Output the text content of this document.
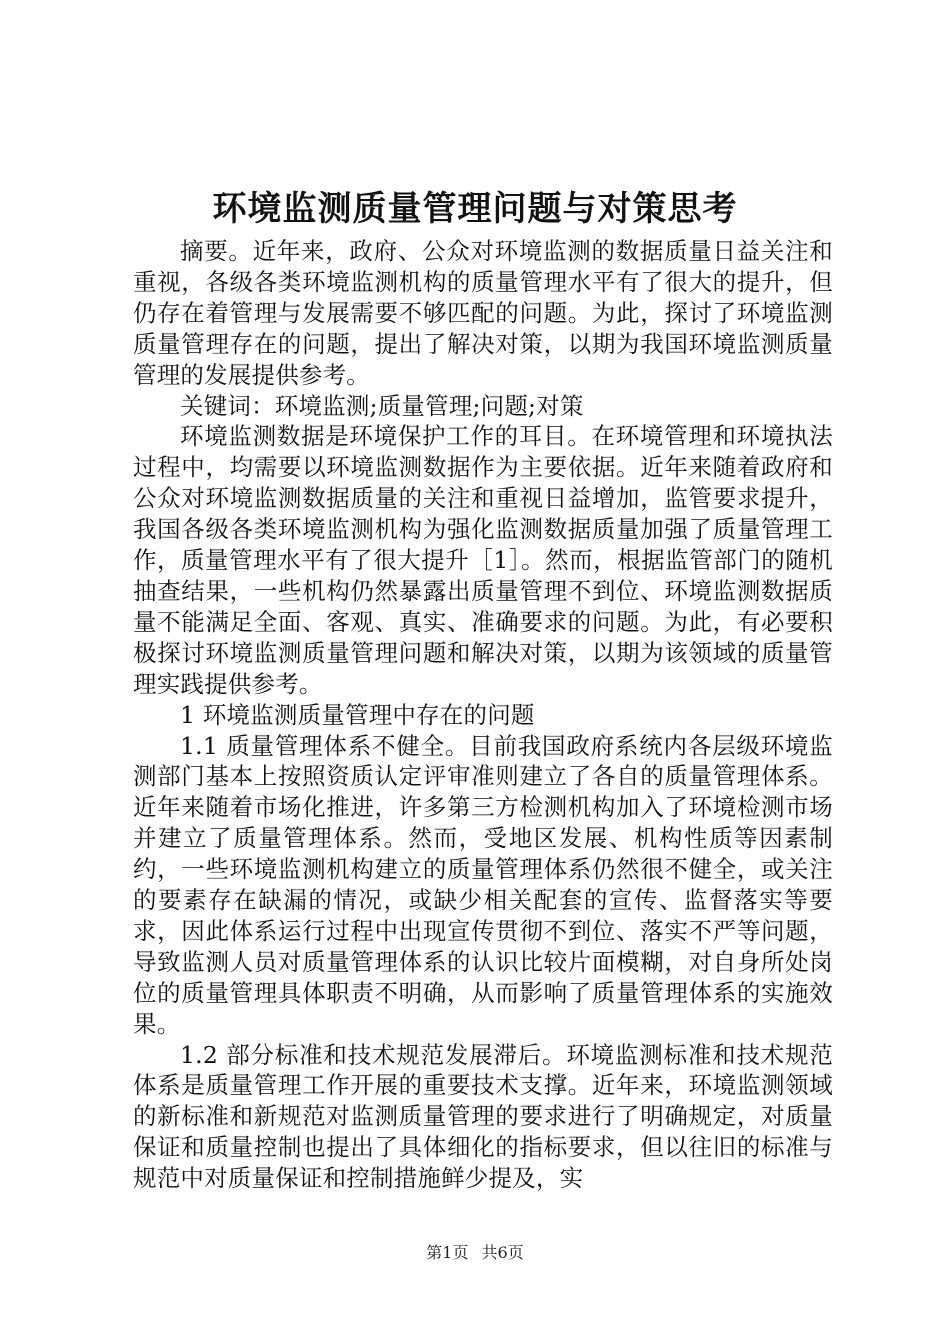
环境监测质量管理问题与对策思考

摘要。近年来，政府、公众对环境监测的数据质量日益关注和重视，各级各类环境监测机构的质量管理水平有了很大的提升，但仍存在着管理与发展需要不够匹配的问题。为此，探讨了环境监测质量管理存在的问题，提出了解决对策，以期为我国环境监测质量管理的发展提供参考。

关键词：环境监测;质量管理;问题;对策

环境监测数据是环境保护工作的耳目。在环境管理和环境执法过程中，均需要以环境监测数据作为主要依据。近年来随着政府和公众对环境监测数据质量的关注和重视日益增加，监管要求提升，我国各级各类环境监测机构为强化监测数据质量加强了质量管理工作，质量管理水平有了很大提升［1］。然而，根据监管部门的随机抽查结果，一些机构仍然暴露出质量管理不到位、环境监测数据质量不能满足全面、客观、真实、准确要求的问题。为此，有必要积极探讨环境监测质量管理问题和解决对策，以期为该领域的质量管理实践提供参考。

1 环境监测质量管理中存在的问题

1.1 质量管理体系不健全。目前我国政府系统内各层级环境监测部门基本上按照资质认定评审准则建立了各自的质量管理体系。近年来随着市场化推进，许多第三方检测机构加入了环境检测市场并建立了质量管理体系。然而，受地区发展、机构性质等因素制约，一些环境监测机构建立的质量管理体系仍然很不健全，或关注的要素存在缺漏的情况，或缺少相关配套的宣传、监督落实等要求，因此体系运行过程中出现宣传贯彻不到位、落实不严等问题，导致监测人员对质量管理体系的认识比较片面模糊，对自身所处岗位的质量管理具体职责不明确，从而影响了质量管理体系的实施效果。

1.2 部分标准和技术规范发展滞后。环境监测标准和技术规范体系是质量管理工作开展的重要技术支撑。近年来，环境监测领域的新标准和新规范对监测质量管理的要求进行了明确规定，对质量保证和质量控制也提出了具体细化的指标要求，但以往旧的标准与规范中对质量保证和控制措施鲜少提及，实

第1页 共6页
